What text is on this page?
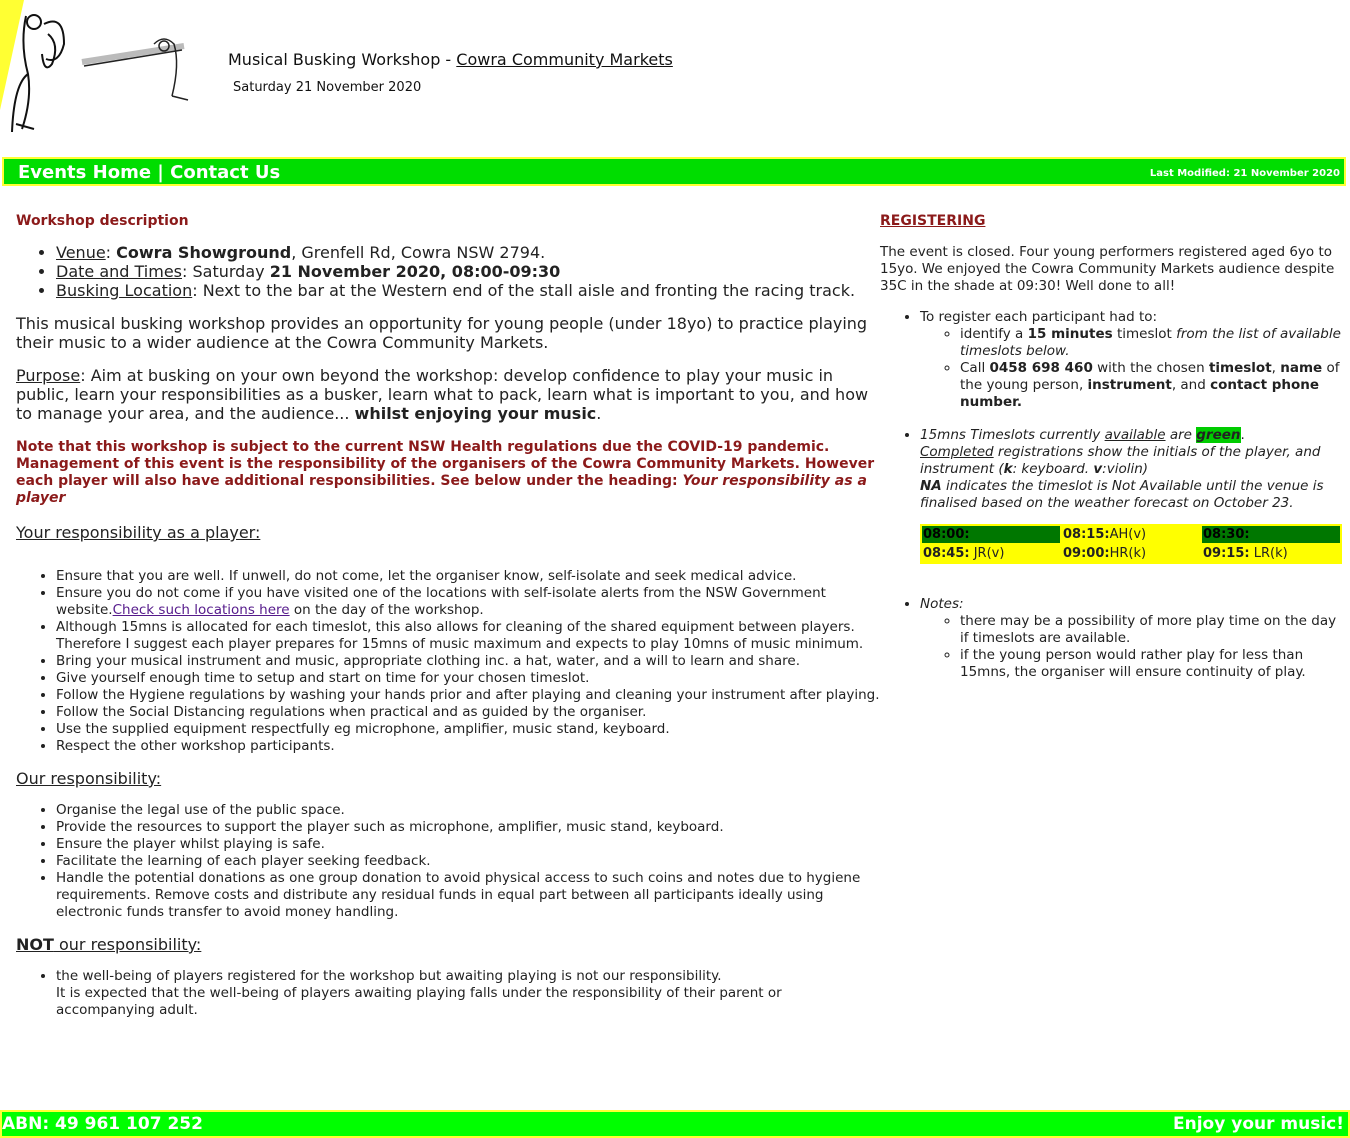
Musical Busking Workshop - Cowra Community Markets
Saturday 21 November 2020
Events Home | Contact Us	Last Modified: 21 November 2020
Workshop description
• Venue: Cowra Showground, Grenfell Rd, Cowra NSW 2794.
• Date and Times: Saturday 21 November 2020, 08:00-09:30
• Busking Location: Next to the bar at the Western end of the stall aisle and fronting the racing track.

This musical busking workshop provides an opportunity for young people (under 18yo) to practice playing their music to a wider audience at the Cowra Community Markets.

Purpose: Aim at busking on your own beyond the workshop: develop confidence to play your music in public, learn your responsibilities as a busker, learn what to pack, learn what is important to you, and how to manage your area, and the audience... whilst enjoying your music.

Note that this workshop is subject to the current NSW Health regulations due the COVID-19 pandemic. Management of this event is the responsibility of the organisers of the Cowra Community Markets. However each player will also have additional responsibilities. See below under the heading: Your responsibility as a player

Your responsibility as a player:
• Ensure that you are well. If unwell, do not come, let the organiser know, self-isolate and seek medical advice.
• Ensure you do not come if you have visited one of the locations with self-isolate alerts from the NSW Government website.Check such locations here on the day of the workshop.
• Although 15mns is allocated for each timeslot, this also allows for cleaning of the shared equipment between players. Therefore I suggest each player prepares for 15mns of music maximum and expects to play 10mns of music minimum.
• Bring your musical instrument and music, appropriate clothing inc. a hat, water, and a will to learn and share.
• Give yourself enough time to setup and start on time for your chosen timeslot.
• Follow the Hygiene regulations by washing your hands prior and after playing and cleaning your instrument after playing.
• Follow the Social Distancing regulations when practical and as guided by the organiser.
• Use the supplied equipment respectfully eg microphone, amplifier, music stand, keyboard.
• Respect the other workshop participants.
Our responsibility:
• Organise the legal use of the public space.
• Provide the resources to support the player such as microphone, amplifier, music stand, keyboard.
• Ensure the player whilst playing is safe.
• Facilitate the learning of each player seeking feedback.
• Handle the potential donations as one group donation to avoid physical access to such coins and notes due to hygiene requirements. Remove costs and distribute any residual funds in equal part between all participants ideally using electronic funds transfer to avoid money handling.
NOT our responsibility:
• the well-being of players registered for the workshop but awaiting playing is not our responsibility.
It is expected that the well-being of players awaiting playing falls under the responsibility of their parent or accompanying adult.
REGISTERING
The event is closed. Four young performers registered aged 6yo to 15yo. We enjoyed the Cowra Community Markets audience despite 35C in the shade at 09:30! Well done to all!
• To register each participant had to:
◦ identify a 15 minutes timeslot from the list of available timeslots below.
◦ Call 0458 698 460 with the chosen timeslot, name of the young person, instrument, and contact phone number.
• 15mns Timeslots currently available are green.
Completed registrations show the initials of the player, and instrument (k: keyboard. v:violin)
NA indicates the timeslot is Not Available until the venue is finalised based on the weather forecast on October 23.
08:00:	08:15:AH(v)	08:30:
08:45: JR(v)	09:00:HR(k)	09:15: LR(k)
• Notes:
◦ there may be a possibility of more play time on the day if timeslots are available.
◦ if the young person would rather play for less than 15mns, the organiser will ensure continuity of play.
ABN: 49 961 107 252	Enjoy your music!
